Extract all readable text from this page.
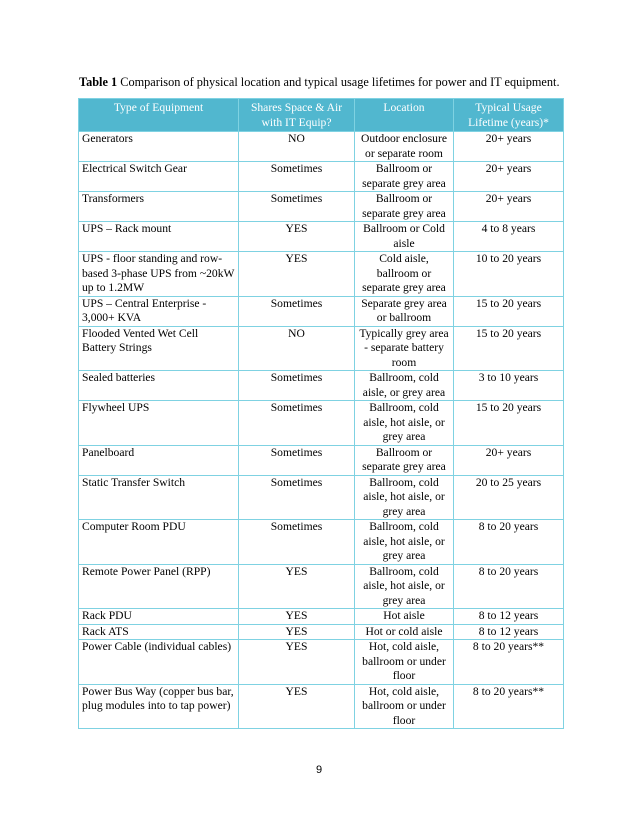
Table 1 Comparison of physical location and typical usage lifetimes for power and IT equipment.
Type of Equipment	Shares Space & Air with IT Equip?	Location	Typical Usage Lifetime (years)*
Generators	NO	Outdoor enclosure or separate room	20+ years
Electrical Switch Gear	Sometimes	Ballroom or separate grey area	20+ years
Transformers	Sometimes	Ballroom or separate grey area	20+ years
UPS – Rack mount	YES	Ballroom or Cold aisle	4 to 8 years
UPS - floor standing and row-based 3-phase UPS from ~20kW up to 1.2MW	YES	Cold aisle, ballroom or separate grey area	10 to 20 years
UPS – Central Enterprise - 3,000+ KVA	Sometimes	Separate grey area or ballroom	15 to 20 years
Flooded Vented Wet Cell Battery Strings	NO	Typically grey area - separate battery room	15 to 20 years
Sealed batteries	Sometimes	Ballroom, cold aisle, or grey area	3 to 10 years
Flywheel UPS	Sometimes	Ballroom, cold aisle, hot aisle, or grey area	15 to 20 years
Panelboard	Sometimes	Ballroom or separate grey area	20+ years
Static Transfer Switch	Sometimes	Ballroom, cold aisle, hot aisle, or grey area	20 to 25 years
Computer Room PDU	Sometimes	Ballroom, cold aisle, hot aisle, or grey area	8 to 20 years
Remote Power Panel (RPP)	YES	Ballroom, cold aisle, hot aisle, or grey area	8 to 20 years
Rack PDU	YES	Hot aisle	8 to 12 years
Rack ATS	YES	Hot or cold aisle	8 to 12 years
Power Cable (individual cables)	YES	Hot, cold aisle, ballroom or under floor	8 to 20 years**
Power Bus Way (copper bus bar, plug modules into to tap power)	YES	Hot, cold aisle, ballroom or under floor	8 to 20 years**
9
